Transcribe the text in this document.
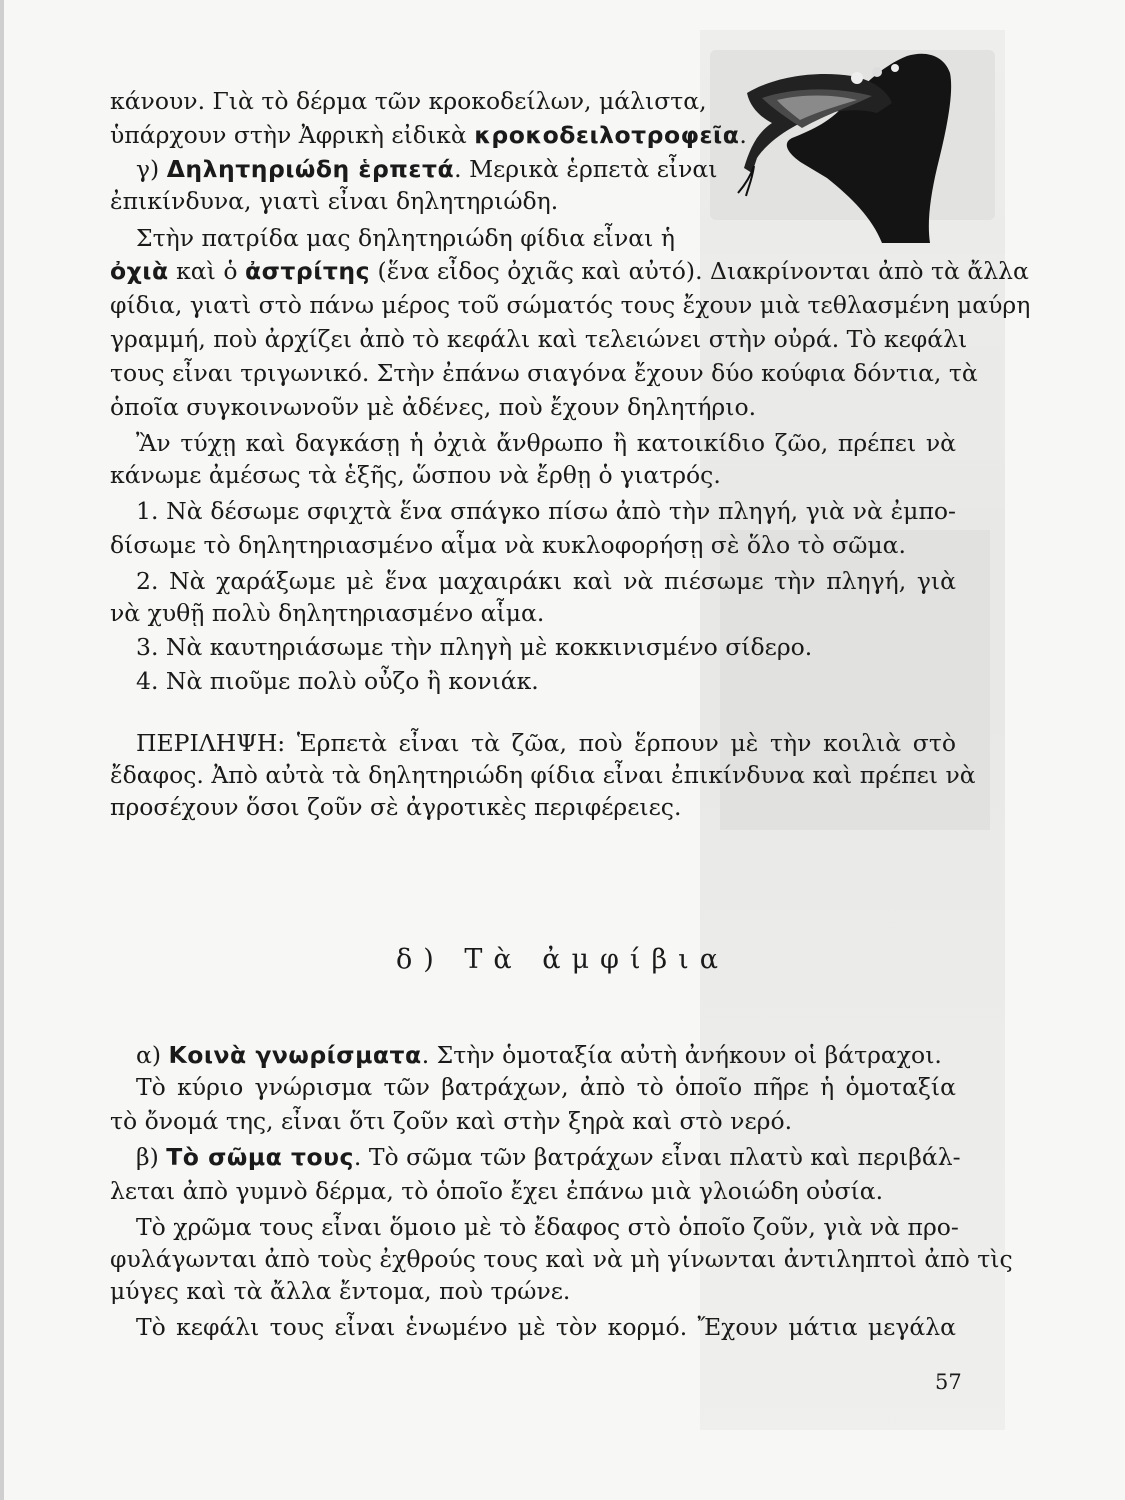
κάνουν. Γιὰ τὸ δέρμα τῶν κροκοδείλων, μάλιστα,
ὑπάρχουν στὴν Ἀφρικὴ εἰδικὰ κροκοδειλοτροφεῖα.
γ) Δηλητηριώδη ἑρπετά. Μερικὰ ἑρπετὰ εἶναι
ἐπικίνδυνα, γιατὶ εἶναι δηλητηριώδη.
Στὴν πατρίδα μας δηλητηριώδη φίδια εἶναι ἡ
ὀχιὰ καὶ ὁ ἀστρίτης (ἕνα εἶδος ὀχιᾶς καὶ αὐτό). Διακρίνονται ἀπὸ τὰ ἄλλα
φίδια, γιατὶ στὸ πάνω μέρος τοῦ σώματός τους ἔχουν μιὰ τεθλασμένη μαύρη
γραμμή, ποὺ ἀρχίζει ἀπὸ τὸ κεφάλι καὶ τελειώνει στὴν οὐρά. Τὸ κεφάλι
τους εἶναι τριγωνικό. Στὴν ἐπάνω σιαγόνα ἔχουν δύο κούφια δόντια, τὰ
ὁποῖα συγκοινωνοῦν μὲ ἀδένες, ποὺ ἔχουν δηλητήριο.
Ἂν τύχῃ καὶ δαγκάσῃ ἡ ὀχιὰ ἄνθρωπο ἢ κατοικίδιο ζῶο, πρέπει νὰ
κάνωμε ἀμέσως τὰ ἑξῆς, ὥσπου νὰ ἔρθῃ ὁ γιατρός.
1. Νὰ δέσωμε σφιχτὰ ἕνα σπάγκο πίσω ἀπὸ τὴν πληγή, γιὰ νὰ ἐμπο-
δίσωμε τὸ δηλητηριασμένο αἷμα νὰ κυκλοφορήσῃ σὲ ὅλο τὸ σῶμα.
2. Νὰ χαράξωμε μὲ ἕνα μαχαιράκι καὶ νὰ πιέσωμε τὴν πληγή, γιὰ
νὰ χυθῇ πολὺ δηλητηριασμένο αἷμα.
3. Νὰ καυτηριάσωμε τὴν πληγὴ μὲ κοκκινισμένο σίδερο.
4. Νὰ πιοῦμε πολὺ οὖζο ἢ κονιάκ.
ΠΕΡΙΛΗΨΗ: Ἑρπετὰ εἶναι τὰ ζῶα, ποὺ ἕρπουν μὲ τὴν κοιλιὰ στὸ
ἔδαφος. Ἀπὸ αὐτὰ τὰ δηλητηριώδη φίδια εἶναι ἐπικίνδυνα καὶ πρέπει νὰ
προσέχουν ὅσοι ζοῦν σὲ ἀγροτικὲς περιφέρειες.
δ) Τὰ ἀμφίβια
α) Κοινὰ γνωρίσματα. Στὴν ὁμοταξία αὐτὴ ἀνήκουν οἱ βάτραχοι.
Τὸ κύριο γνώρισμα τῶν βατράχων, ἀπὸ τὸ ὁποῖο πῆρε ἡ ὁμοταξία
τὸ ὄνομά της, εἶναι ὅτι ζοῦν καὶ στὴν ξηρὰ καὶ στὸ νερό.
β) Τὸ σῶμα τους. Τὸ σῶμα τῶν βατράχων εἶναι πλατὺ καὶ περιβάλ-
λεται ἀπὸ γυμνὸ δέρμα, τὸ ὁποῖο ἔχει ἐπάνω μιὰ γλοιώδη οὐσία.
Τὸ χρῶμα τους εἶναι ὅμοιο μὲ τὸ ἔδαφος στὸ ὁποῖο ζοῦν, γιὰ νὰ προ-
φυλάγωνται ἀπὸ τοὺς ἐχθρούς τους καὶ νὰ μὴ γίνωνται ἀντιληπτοὶ ἀπὸ τὶς
μύγες καὶ τὰ ἄλλα ἔντομα, ποὺ τρώνε.
Τὸ κεφάλι τους εἶναι ἑνωμένο μὲ τὸν κορμό. Ἔχουν μάτια μεγάλα
57
